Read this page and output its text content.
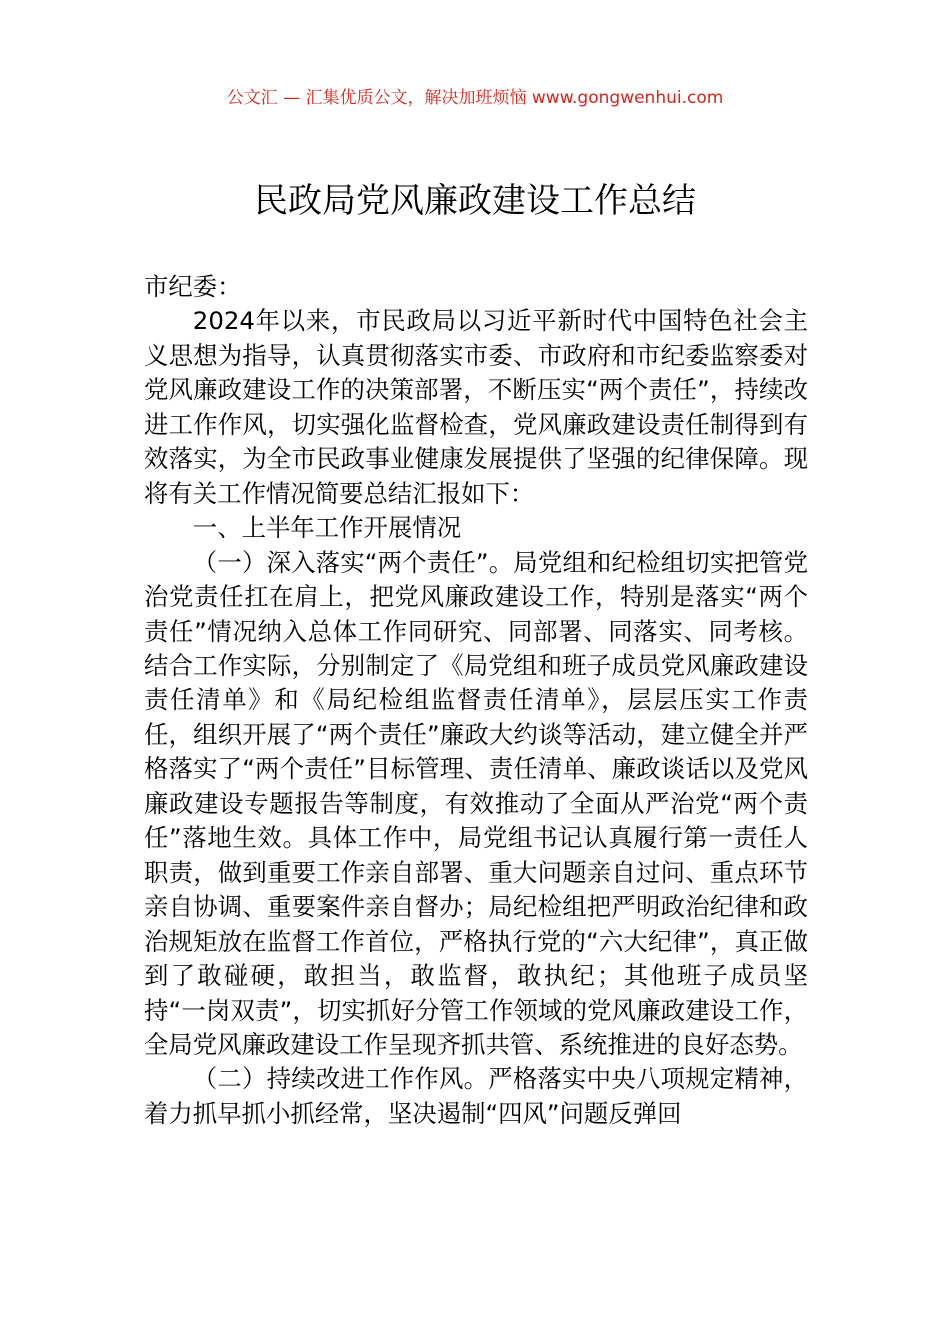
公文汇 — 汇集优质公文，解决加班烦恼 www.gongwenhui.com
民政局党风廉政建设工作总结

市纪委：

2024年以来，市民政局以习近平新时代中国特色社会主义思想为指导，认真贯彻落实市委、市政府和市纪委监察委对党风廉政建设工作的决策部署，不断压实“两个责任”，持续改进工作作风，切实强化监督检查，党风廉政建设责任制得到有效落实，为全市民政事业健康发展提供了坚强的纪律保障。现将有关工作情况简要总结汇报如下：

一、上半年工作开展情况

（一）深入落实“两个责任”。局党组和纪检组切实把管党治党责任扛在肩上，把党风廉政建设工作，特别是落实“两个责任”情况纳入总体工作同研究、同部署、同落实、同考核。结合工作实际，分别制定了《局党组和班子成员党风廉政建设责任清单》和《局纪检组监督责任清单》，层层压实工作责任，组织开展了“两个责任”廉政大约谈等活动，建立健全并严格落实了“两个责任”目标管理、责任清单、廉政谈话以及党风廉政建设专题报告等制度，有效推动了全面从严治党“两个责任”落地生效。具体工作中，局党组书记认真履行第一责任人职责，做到重要工作亲自部署、重大问题亲自过问、重点环节亲自协调、重要案件亲自督办；局纪检组把严明政治纪律和政治规矩放在监督工作首位，严格执行党的“六大纪律”，真正做到了敢碰硬，敢担当，敢监督，敢执纪；其他班子成员坚持“一岗双责”，切实抓好分管工作领域的党风廉政建设工作，全局党风廉政建设工作呈现齐抓共管、系统推进的良好态势。

（二）持续改进工作作风。严格落实中央八项规定精神，着力抓早抓小抓经常，坚决遏制“四风”问题反弹回
